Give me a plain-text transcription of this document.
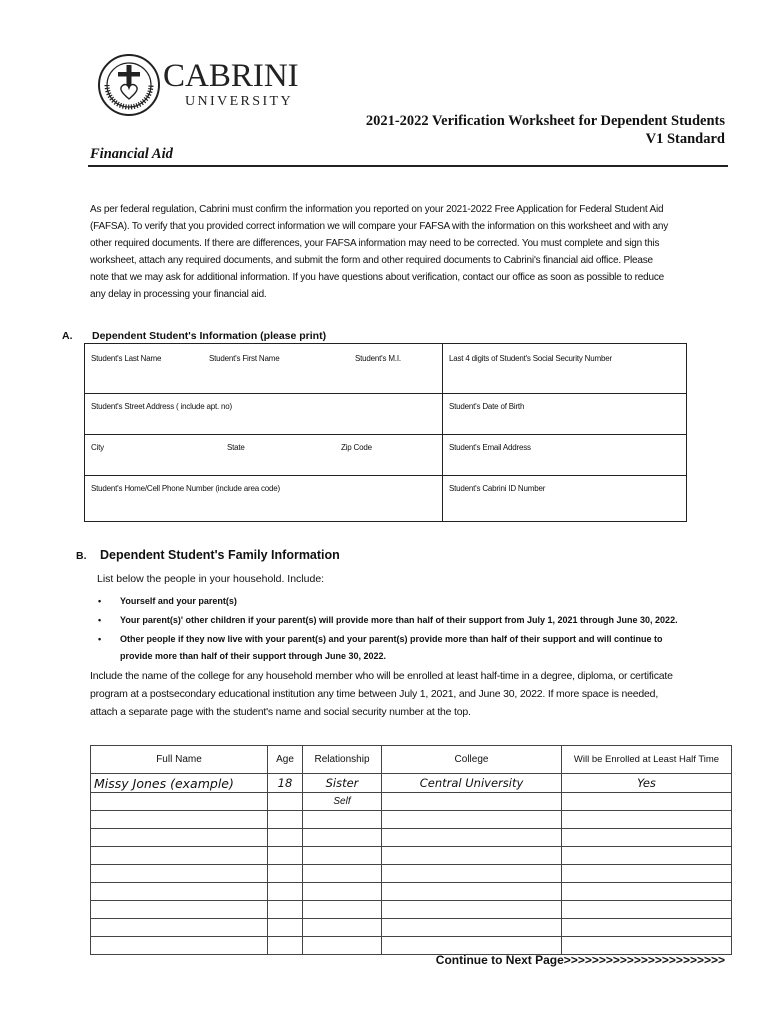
CABRINI
UNIVERSITY
2021-2022 Verification Worksheet for Dependent Students
V1 Standard
Financial Aid
As per federal regulation, Cabrini must confirm the information you reported on your 2021-2022 Free Application for Federal Student Aid
(FAFSA). To verify that you provided correct information we will compare your FAFSA with the information on this worksheet and with any
other required documents. If there are differences, your FAFSA information may need to be corrected. You must complete and sign this
worksheet, attach any required documents, and submit the form and other required documents to Cabrini's financial aid office. Please
note that we may ask for additional information. If you have questions about verification, contact our office as soon as possible to reduce
any delay in processing your financial aid.
A. Dependent Student's Information (please print)
Student's Last Name	Student's First Name	Student's M.I.	Last 4 digits of Student's Social Security Number
Student's Street Address ( include apt. no)	Student's Date of Birth
City	State	Zip Code	Student's Email Address
Student's Home/Cell Phone Number (include area code)	Student's Cabrini ID Number
B. Dependent Student's Family Information
List below the people in your household. Include:
• Yourself and your parent(s)
• Your parent(s)' other children if your parent(s) will provide more than half of their support from July 1, 2021 through June 30, 2022.
• Other people if they now live with your parent(s) and your parent(s) provide more than half of their support and will continue to
provide more than half of their support through June 30, 2022.
Include the name of the college for any household member who will be enrolled at least half-time in a degree, diploma, or certificate
program at a postsecondary educational institution any time between July 1, 2021, and June 30, 2022. If more space is needed,
attach a separate page with the student's name and social security number at the top.
Full Name	Age	Relationship	College	Will be Enrolled at Least Half Time
Missy Jones (example)	18	Sister	Central University	Yes
		Self		

Continue to Next Page>>>>>>>>>>>>>>>>>>>>>>>
